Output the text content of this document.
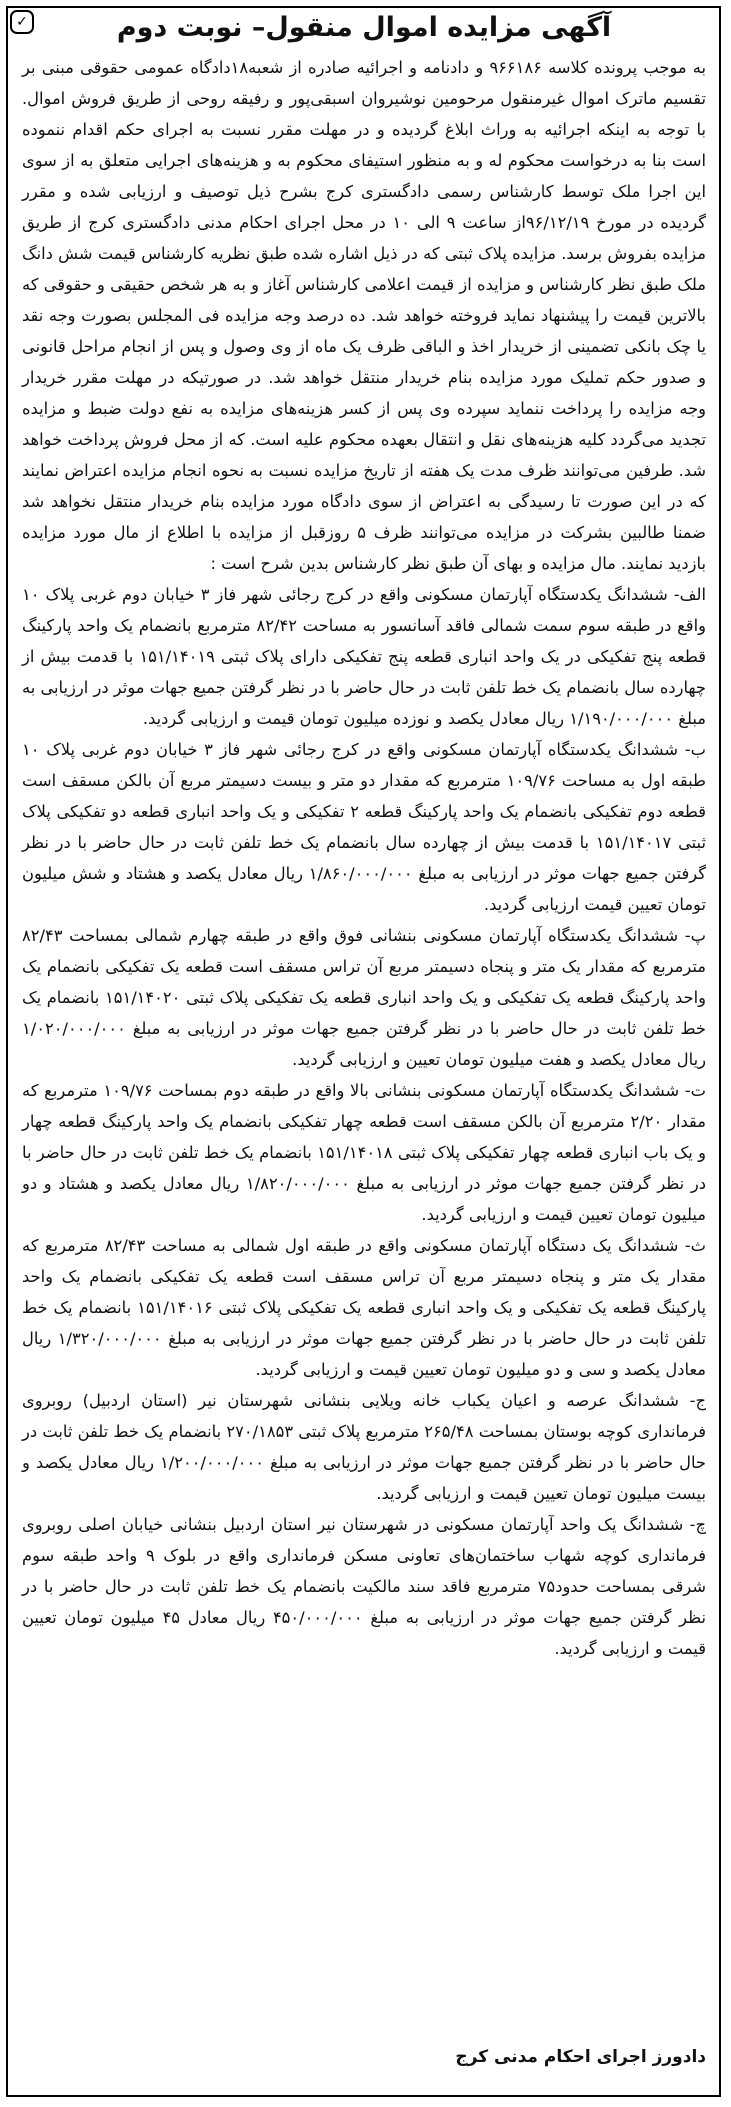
✓	آگهی مزایده اموال منقول– نوبت دوم

به موجب پرونده کلاسه ۹۶۶۱۸۶ و دادنامه و اجرائیه صادره از شعبه۱۸دادگاه عمومی حقوقی مبنی بر تقسیم ماترک اموال غیرمنقول مرحومین نوشیروان اسبقی‌پور و رفیقه روحی از طریق فروش اموال. با توجه به اینکه اجرائیه به وراث ابلاغ گردیده و در مهلت مقرر نسبت به اجرای حکم اقدام ننموده است بنا به درخواست محکوم له و به منظور استیفای محکوم به و هزینه‌های اجرایی متعلق به از سوی این اجرا ملک توسط کارشناس رسمی دادگستری کرج بشرح ذیل توصیف و ارزیابی شده و مقرر گردیده در مورخ ۹۶/۱۲/۱۹از ساعت ۹ الی ۱۰ در محل اجرای احکام مدنی دادگستری کرج از طریق مزایده بفروش برسد. مزایده پلاک ثبتی که در ذیل اشاره شده طبق نظریه کارشناس قیمت شش دانگ ملک طبق نظر کارشناس و مزایده از قیمت اعلامی کارشناس آغاز و به هر شخص حقیقی و حقوقی که بالاترین قیمت را پیشنهاد نماید فروخته خواهد شد. ده درصد وجه مزایده فی المجلس بصورت وجه نقد یا چک بانکی تضمینی از خریدار اخذ و الباقی ظرف یک ماه از وی وصول و پس از انجام مراحل قانونی و صدور حکم تملیک مورد مزایده بنام خریدار منتقل خواهد شد. در صورتیکه در مهلت مقرر خریدار وجه مزایده را پرداخت ننماید سپرده وی پس از کسر هزینه‌های مزایده به نفع دولت ضبط و مزایده تجدید می‌گردد کلیه هزینه‌های نقل و انتقال بعهده محکوم علیه است. که از محل فروش پرداخت خواهد شد. طرفین می‌توانند ظرف مدت یک هفته از تاریخ مزایده نسبت به نحوه انجام مزایده اعتراض نمایند که در این صورت تا رسیدگی به اعتراض از سوی دادگاه مورد مزایده بنام خریدار منتقل نخواهد شد ضمنا طالبین بشرکت در مزایده می‌توانند ظرف ۵ روزقبل از مزایده با اطلاع از مال مورد مزایده بازدید نمایند. مال مزایده و بهای آن طبق نظر کارشناس بدین شرح است :

الف- ششدانگ یکدستگاه آپارتمان مسکونی واقع در کرج رجائی شهر فاز ۳ خیابان دوم غربی پلاک ۱۰ واقع در طبقه سوم سمت شمالی فاقد آسانسور به مساحت ۸۲/۴۲ مترمربع بانضمام یک واحد پارکینگ قطعه پنج تفکیکی در یک واحد انباری قطعه پنج تفکیکی دارای پلاک ثبتی ۱۵۱/۱۴۰۱۹ با قدمت بیش از چهارده سال بانضمام یک خط تلفن ثابت در حال حاضر با در نظر گرفتن جمیع جهات موثر در ارزیابی به مبلغ ۱/۱۹۰/۰۰۰/۰۰۰ ریال معادل یکصد و نوزده میلیون تومان قیمت و ارزیابی گردید.

ب- ششدانگ یکدستگاه آپارتمان مسکونی واقع در کرج رجائی شهر فاز ۳ خیابان دوم غربی پلاک ۱۰ طبقه اول به مساحت ۱۰۹/۷۶ مترمربع که مقدار دو متر و بیست دسیمتر مربع آن بالکن مسقف است قطعه دوم تفکیکی بانضمام یک واحد پارکینگ قطعه ۲ تفکیکی و یک واحد انباری قطعه دو تفکیکی پلاک ثبتی ۱۵۱/۱۴۰۱۷ با قدمت بیش از چهارده سال بانضمام یک خط تلفن ثابت در حال حاضر با در نظر گرفتن جمیع جهات موثر در ارزیابی به مبلغ ۱/۸۶۰/۰۰۰/۰۰۰ ریال معادل یکصد و هشتاد و شش میلیون تومان تعیین قیمت ارزیابی گردید.

پ- ششدانگ یکدستگاه آپارتمان مسکونی بنشانی فوق واقع در طبقه چهارم شمالی بمساحت ۸۲/۴۳ مترمربع که مقدار یک متر و پنجاه دسیمتر مربع آن تراس مسقف است قطعه یک تفکیکی بانضمام یک واحد پارکینگ قطعه یک تفکیکی و یک واحد انباری قطعه یک تفکیکی پلاک ثبتی ۱۵۱/۱۴۰۲۰ بانضمام یک خط تلفن ثابت در حال حاضر با در نظر گرفتن جمیع جهات موثر در ارزیابی به مبلغ ۱/۰۲۰/۰۰۰/۰۰۰ ریال معادل یکصد و هفت میلیون تومان تعیین و ارزیابی گردید.

ت- ششدانگ یکدستگاه آپارتمان مسکونی بنشانی بالا واقع در طبقه دوم بمساحت ۱۰۹/۷۶ مترمربع که مقدار ۲/۲۰ مترمربع آن بالکن مسقف است قطعه چهار تفکیکی بانضمام یک واحد پارکینگ قطعه چهار و یک باب انباری قطعه چهار تفکیکی پلاک ثبتی ۱۵۱/۱۴۰۱۸ بانضمام یک خط تلفن ثابت در حال حاضر با در نظر گرفتن جمیع جهات موثر در ارزیابی به مبلغ ۱/۸۲۰/۰۰۰/۰۰۰ ریال معادل یکصد و هشتاد و دو میلیون تومان تعیین قیمت و ارزیابی گردید.

ث- ششدانگ یک دستگاه آپارتمان مسکونی واقع در طبقه اول شمالی به مساحت ۸۲/۴۳ مترمربع که مقدار یک متر و پنجاه دسیمتر مربع آن تراس مسقف است قطعه یک تفکیکی بانضمام یک واحد پارکینگ قطعه یک تفکیکی و یک واحد انباری قطعه یک تفکیکی پلاک ثبتی ۱۵۱/۱۴۰۱۶ بانضمام یک خط تلفن ثابت در حال حاضر با در نظر گرفتن جمیع جهات موثر در ارزیابی به مبلغ ۱/۳۲۰/۰۰۰/۰۰۰ ریال معادل یکصد و سی و دو میلیون تومان تعیین قیمت و ارزیابی گردید.

ج- ششدانگ عرصه و اعیان یکباب خانه ویلایی بنشانی شهرستان نیر (استان اردبیل) روبروی فرمانداری کوچه بوستان بمساحت ۲۶۵/۴۸ مترمربع پلاک ثبتی ۲۷۰/۱۸۵۳ بانضمام یک خط تلفن ثابت در حال حاضر با در نظر گرفتن جمیع جهات موثر در ارزیابی به مبلغ ۱/۲۰۰/۰۰۰/۰۰۰ ریال معادل یکصد و بیست میلیون تومان تعیین قیمت و ارزیابی گردید.

چ- ششدانگ یک واحد آپارتمان مسکونی در شهرستان نیر استان اردبیل بنشانی خیابان اصلی روبروی فرمانداری کوچه شهاب ساختمان‌های تعاونی مسکن فرمانداری واقع در بلوک ۹ واحد طبقه سوم شرقی بمساحت حدود۷۵ مترمربع فاقد سند مالکیت بانضمام یک خط تلفن ثابت در حال حاضر با در نظر گرفتن جمیع جهات موثر در ارزیابی به مبلغ ۴۵۰/۰۰۰/۰۰۰ ریال معادل ۴۵ میلیون تومان تعیین قیمت و ارزیابی گردید.

دادورز اجرای احکام مدنی کرج
